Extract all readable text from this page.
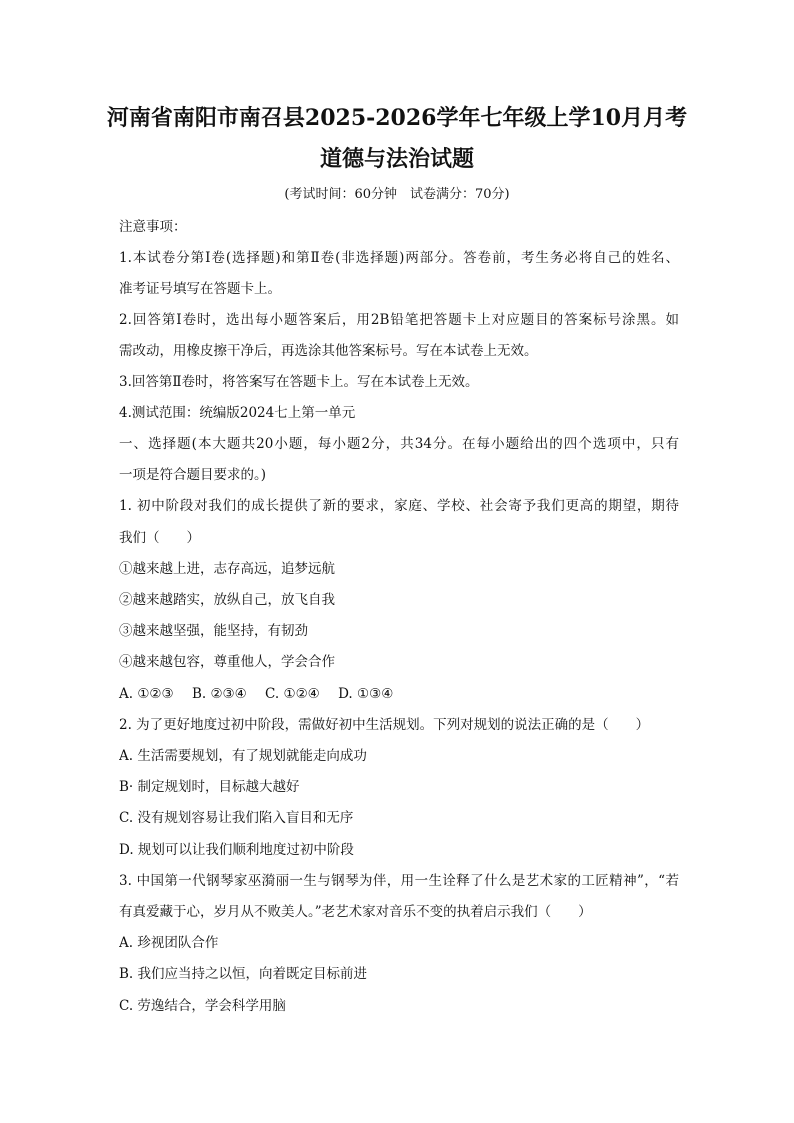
河南省南阳市南召县2025-2026学年七年级上学10月月考
道德与法治试题
(考试时间：60分钟　试卷满分：70分)
注意事项：
1.本试卷分第Ⅰ卷(选择题)和第Ⅱ卷(非选择题)两部分。答卷前，考生务必将自己的姓名、
准考证号填写在答题卡上。
2.回答第Ⅰ卷时，选出每小题答案后，用2B铅笔把答题卡上对应题目的答案标号涂黑。如
需改动，用橡皮擦干净后，再选涂其他答案标号。写在本试卷上无效。
3.回答第Ⅱ卷时，将答案写在答题卡上。写在本试卷上无效。
4.测试范围：统编版2024七上第一单元
一、选择题(本大题共20小题，每小题2分，共34分。在每小题给出的四个选项中，只有
一项是符合题目要求的。)
1. 初中阶段对我们的成长提供了新的要求，家庭、学校、社会寄予我们更高的期望，期待
我们（　　）
①越来越上进，志存高远，追梦远航
②越来越踏实，放纵自己，放飞自我
③越来越坚强，能坚持，有韧劲
④越来越包容，尊重他人，学会合作
A. ①②③ B. ②③④ C. ①②④ D. ①③④
2. 为了更好地度过初中阶段，需做好初中生活规划。下列对规划的说法正确的是（　　）
A. 生活需要规划，有了规划就能走向成功
B· 制定规划时，目标越大越好
C. 没有规划容易让我们陷入盲目和无序
D. 规划可以让我们顺利地度过初中阶段
3. 中国第一代钢琴家巫漪丽一生与钢琴为伴，用一生诠释了什么是艺术家的工匠精神”，“若
有真爱藏于心，岁月从不败美人。”老艺术家对音乐不变的执着启示我们（　　）
A. 珍视团队合作
B. 我们应当持之以恒，向着既定目标前进
C. 劳逸结合，学会科学用脑
